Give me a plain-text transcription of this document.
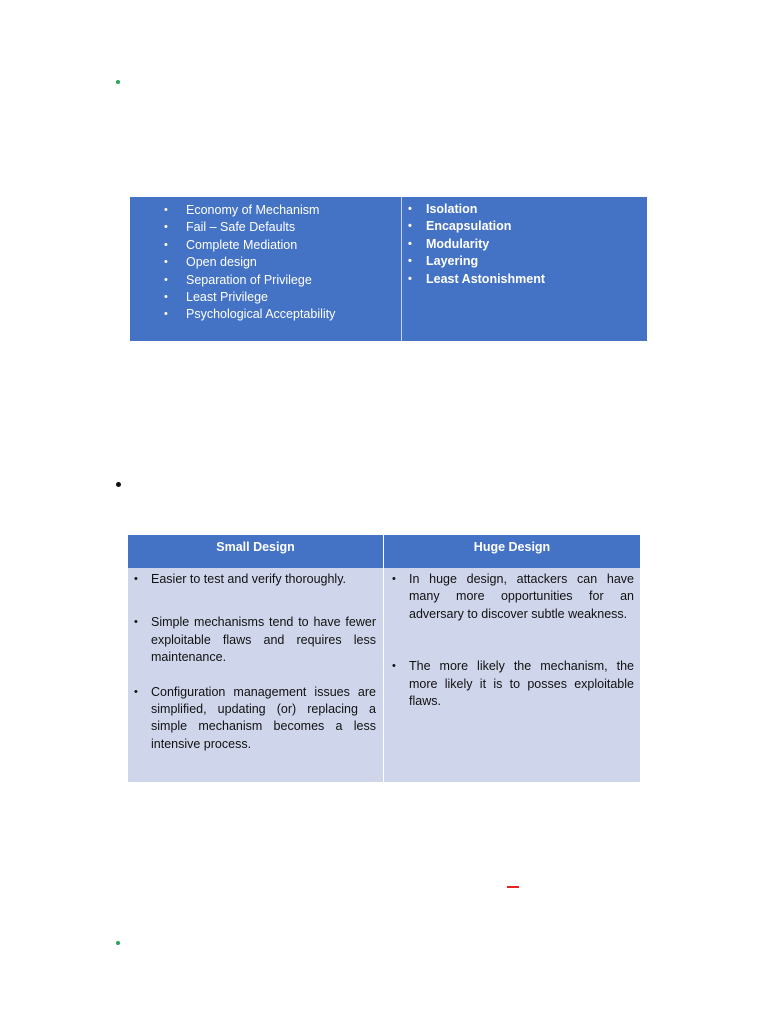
• Economy of Mechanism
• Fail – Safe Defaults
• Complete Mediation
• Open design
• Separation of Privilege
• Least Privilege
• Psychological Acceptability
• Isolation
• Encapsulation
• Modularity
• Layering
• Least Astonishment
Small Design	Huge Design
• Easier to test and verify thoroughly.
• Simple mechanisms tend to have fewer exploitable flaws and requires less maintenance.
• Configuration management issues are simplified, updating (or) replacing a simple mechanism becomes a less intensive process.
• In huge design, attackers can have many more opportunities for an adversary to discover subtle weakness.
• The more likely the mechanism, the more likely it is to posses exploitable flaws.
